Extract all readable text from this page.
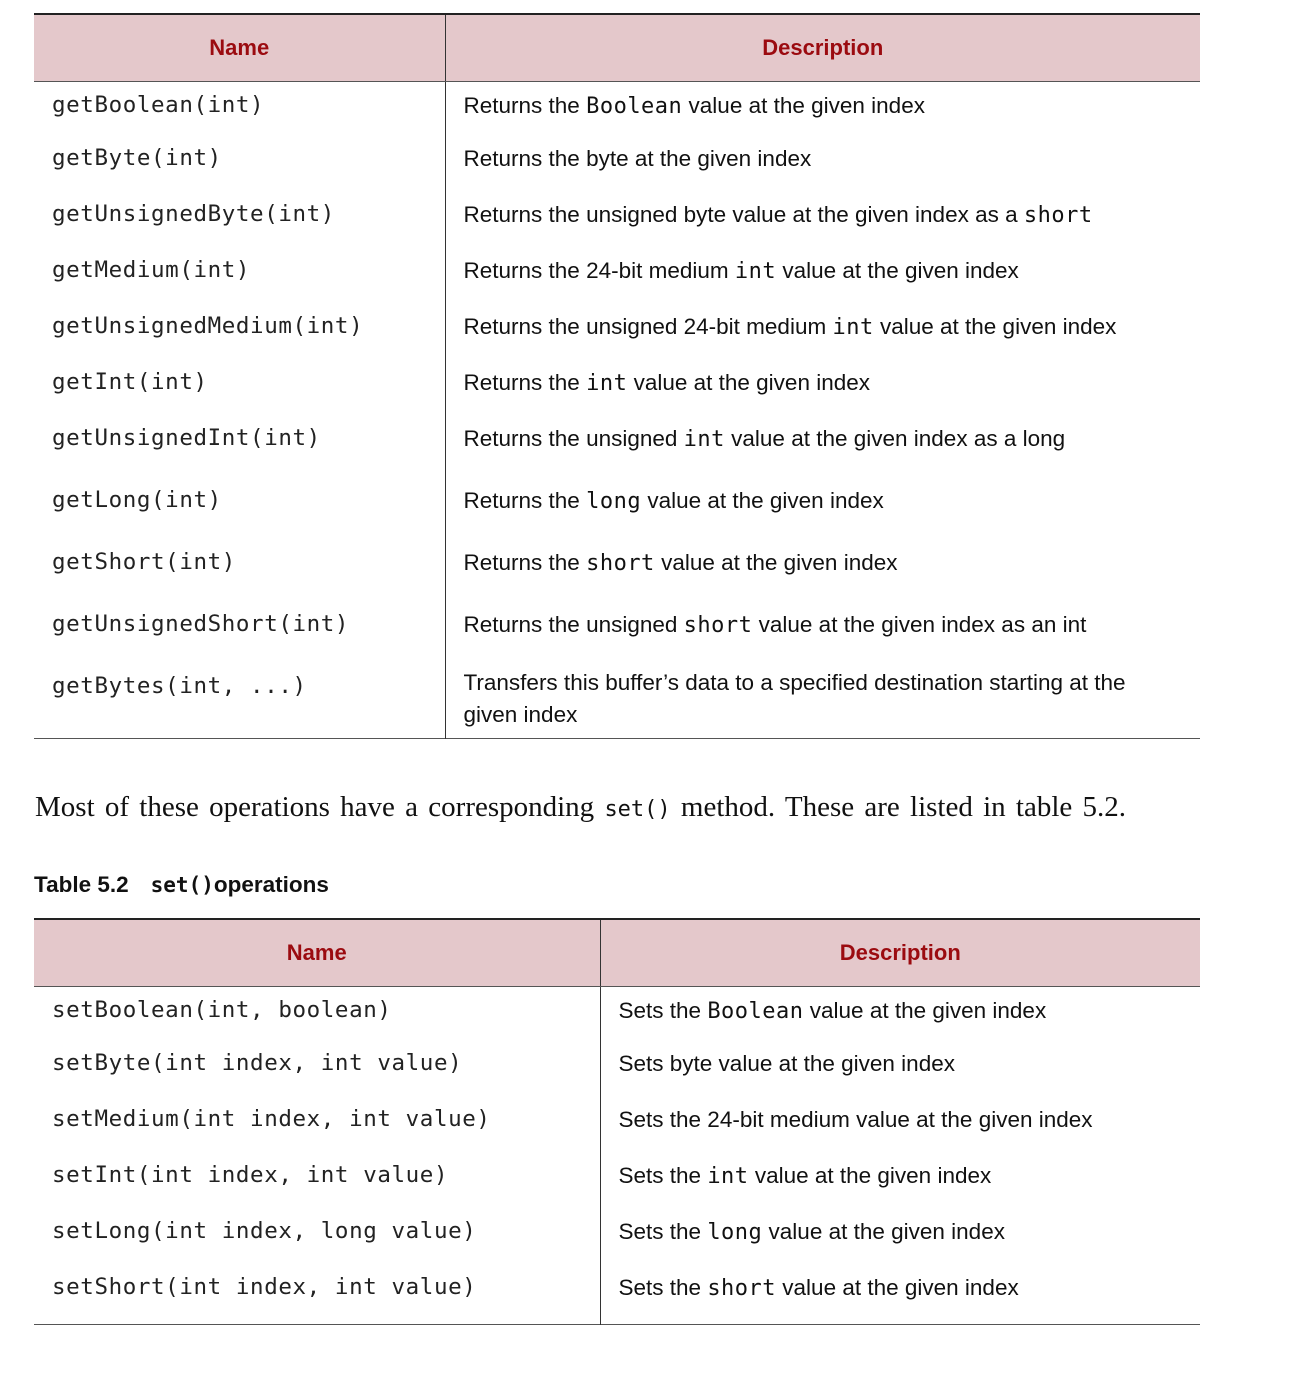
Name	Description

getBoolean(int)	Returns the Boolean value at the given index

getByte(int)	Returns the byte at the given index

getUnsignedByte(int)	Returns the unsigned byte value at the given index as a short

getMedium(int)	Returns the 24-bit medium int value at the given index

getUnsignedMedium(int)	Returns the unsigned 24-bit medium int value at the given index

getInt(int)	Returns the int value at the given index

getUnsignedInt(int)	Returns the unsigned int value at the given index as a long

getLong(int)	Returns the long value at the given index

getShort(int)	Returns the short value at the given index

getUnsignedShort(int)	Returns the unsigned short value at the given index as an int

getBytes(int, ...)	Transfers this buffer’s data to a specified destination starting at the given index

Most of these operations have a corresponding set() method. These are listed in table 5.2.

Table 5.2 set()operations
Name	Description

setBoolean(int, boolean)	Sets the Boolean value at the given index

setByte(int index, int value)	Sets byte value at the given index

setMedium(int index, int value)	Sets the 24-bit medium value at the given index

setInt(int index, int value)	Sets the int value at the given index

setLong(int index, long value)	Sets the long value at the given index

setShort(int index, int value)	Sets the short value at the given index
